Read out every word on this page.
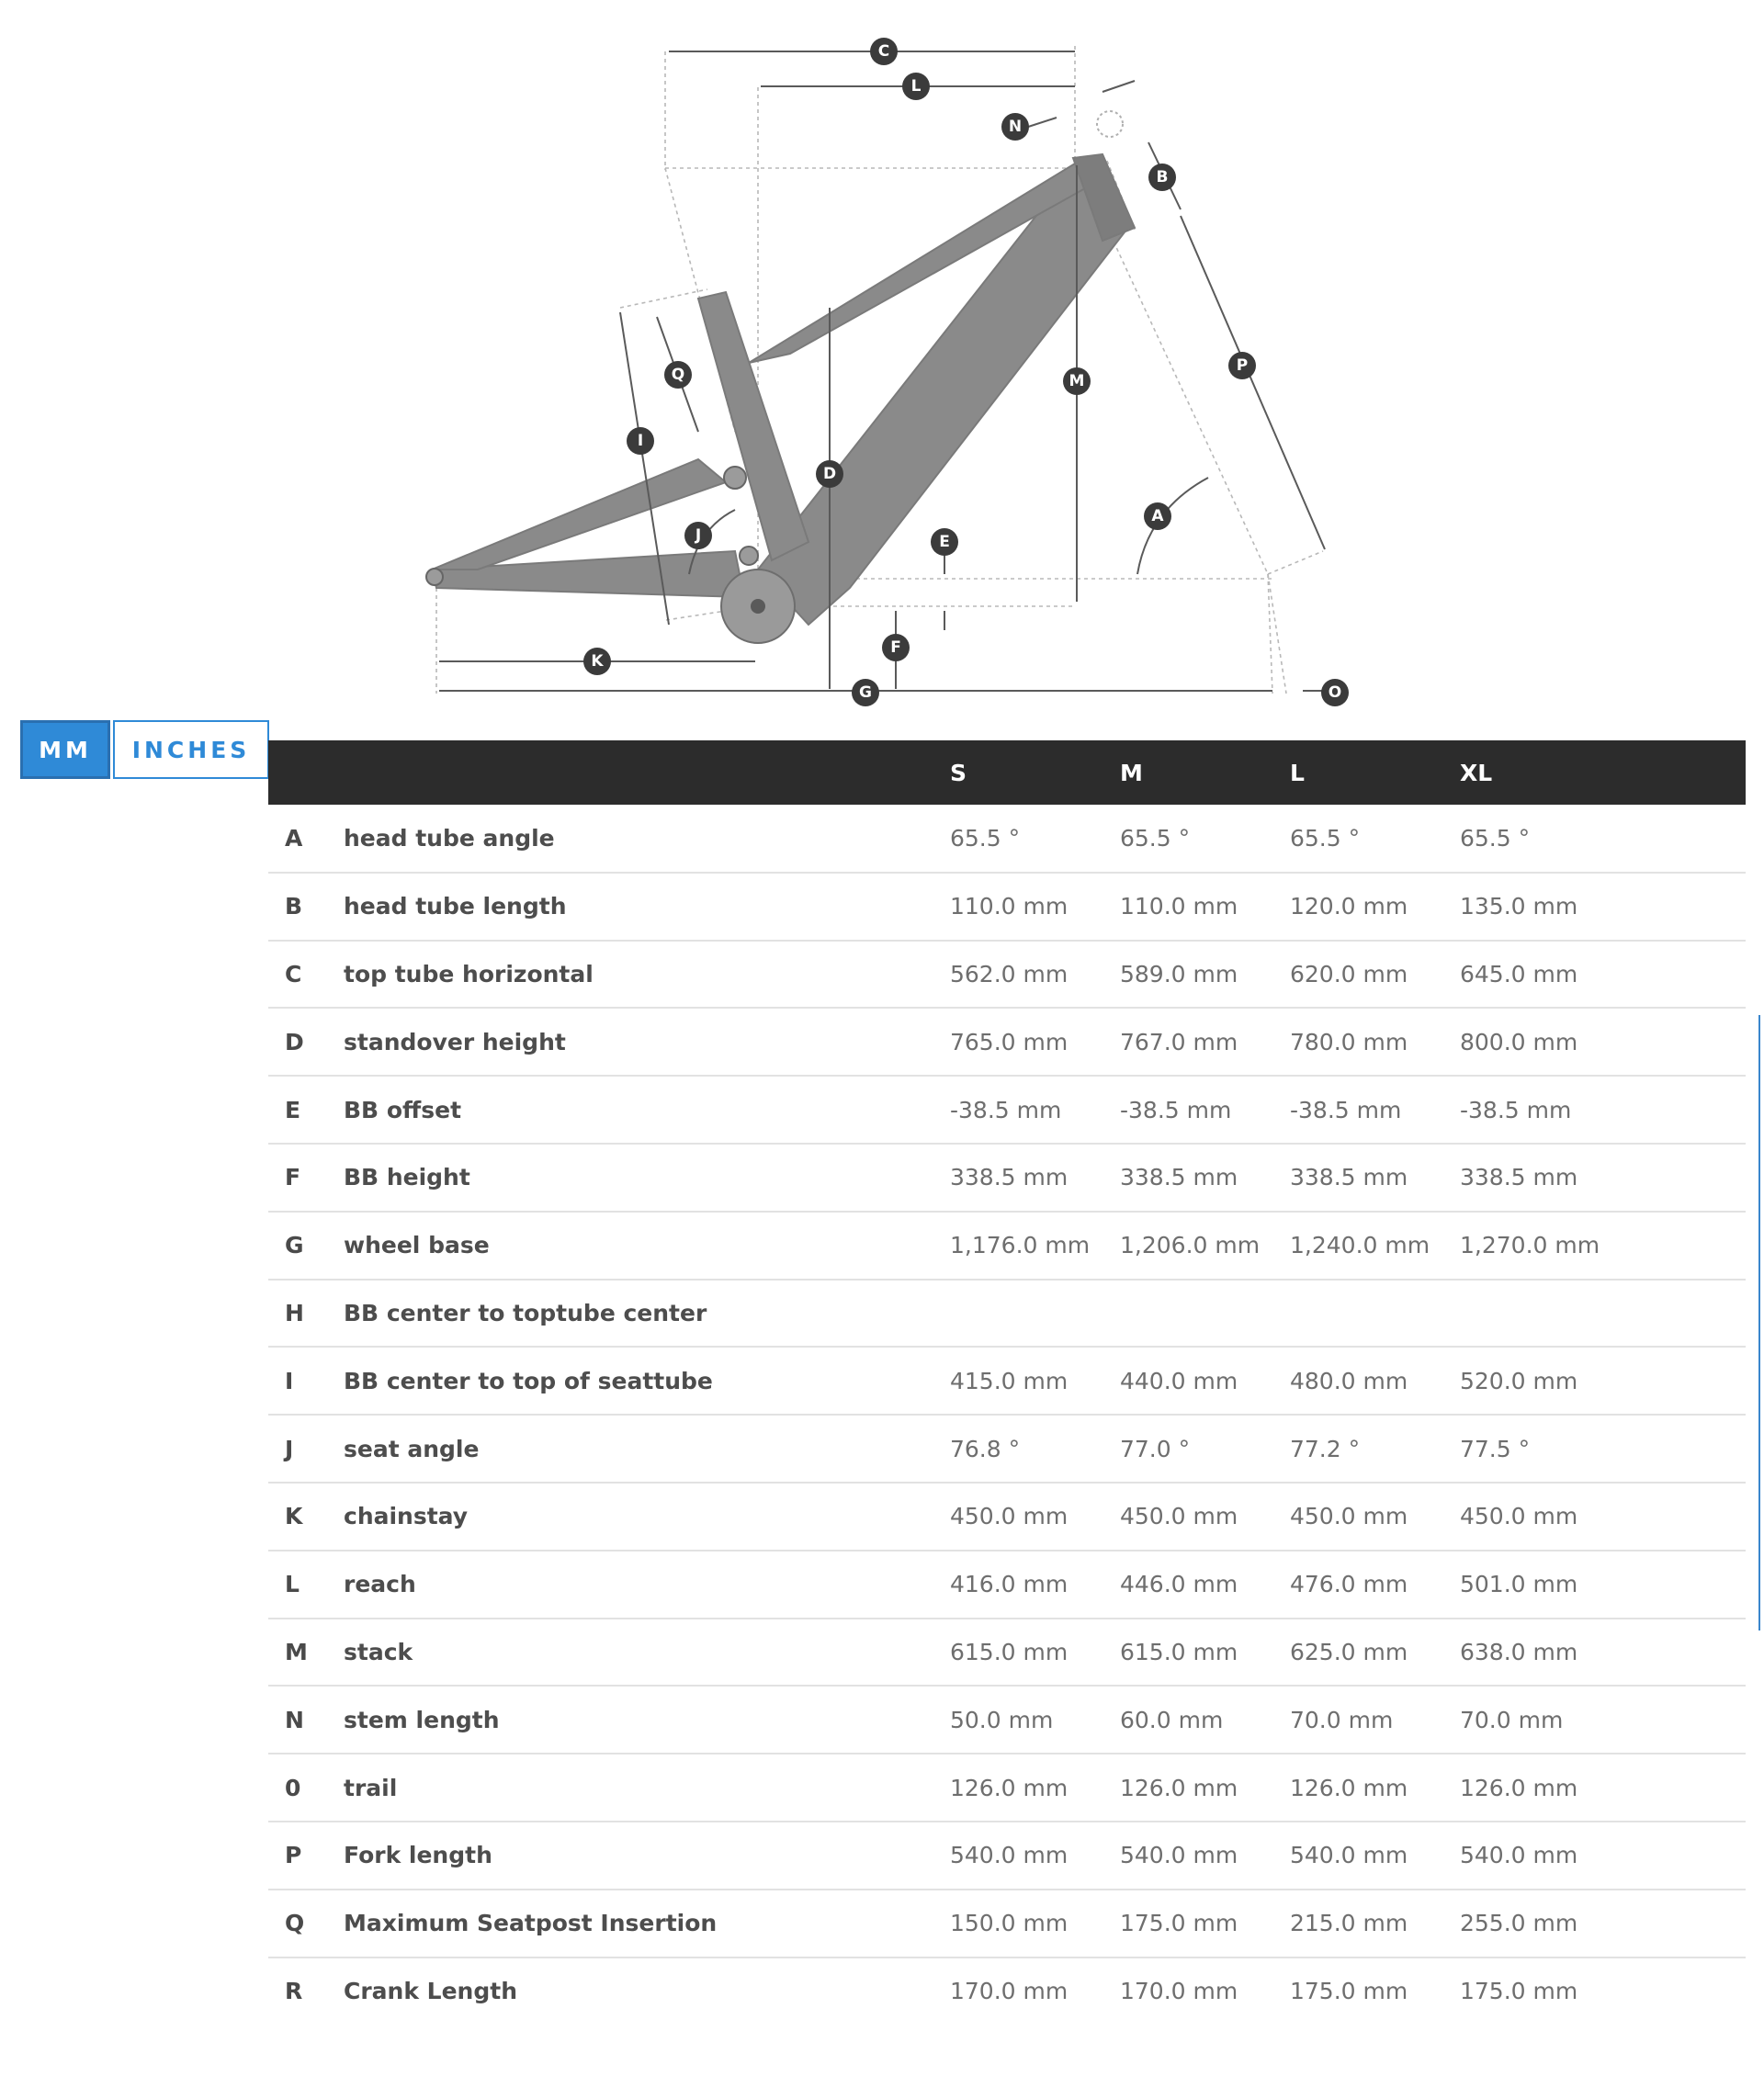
C
L
N
B
P
M
A
D
E
F
G
K
O
I
Q
J
MM	INCHES
		S	M	L	XL
A	head tube angle	65.5 °	65.5 °	65.5 °	65.5 °
B	head tube length	110.0 mm	110.0 mm	120.0 mm	135.0 mm
C	top tube horizontal	562.0 mm	589.0 mm	620.0 mm	645.0 mm
D	standover height	765.0 mm	767.0 mm	780.0 mm	800.0 mm
E	BB offset	-38.5 mm	-38.5 mm	-38.5 mm	-38.5 mm
F	BB height	338.5 mm	338.5 mm	338.5 mm	338.5 mm
G	wheel base	1,176.0 mm	1,206.0 mm	1,240.0 mm	1,270.0 mm
H	BB center to toptube center				
I	BB center to top of seattube	415.0 mm	440.0 mm	480.0 mm	520.0 mm
J	seat angle	76.8 °	77.0 °	77.2 °	77.5 °
K	chainstay	450.0 mm	450.0 mm	450.0 mm	450.0 mm
L	reach	416.0 mm	446.0 mm	476.0 mm	501.0 mm
M	stack	615.0 mm	615.0 mm	625.0 mm	638.0 mm
N	stem length	50.0 mm	60.0 mm	70.0 mm	70.0 mm
0	trail	126.0 mm	126.0 mm	126.0 mm	126.0 mm
P	Fork length	540.0 mm	540.0 mm	540.0 mm	540.0 mm
Q	Maximum Seatpost Insertion	150.0 mm	175.0 mm	215.0 mm	255.0 mm
R	Crank Length	170.0 mm	170.0 mm	175.0 mm	175.0 mm
